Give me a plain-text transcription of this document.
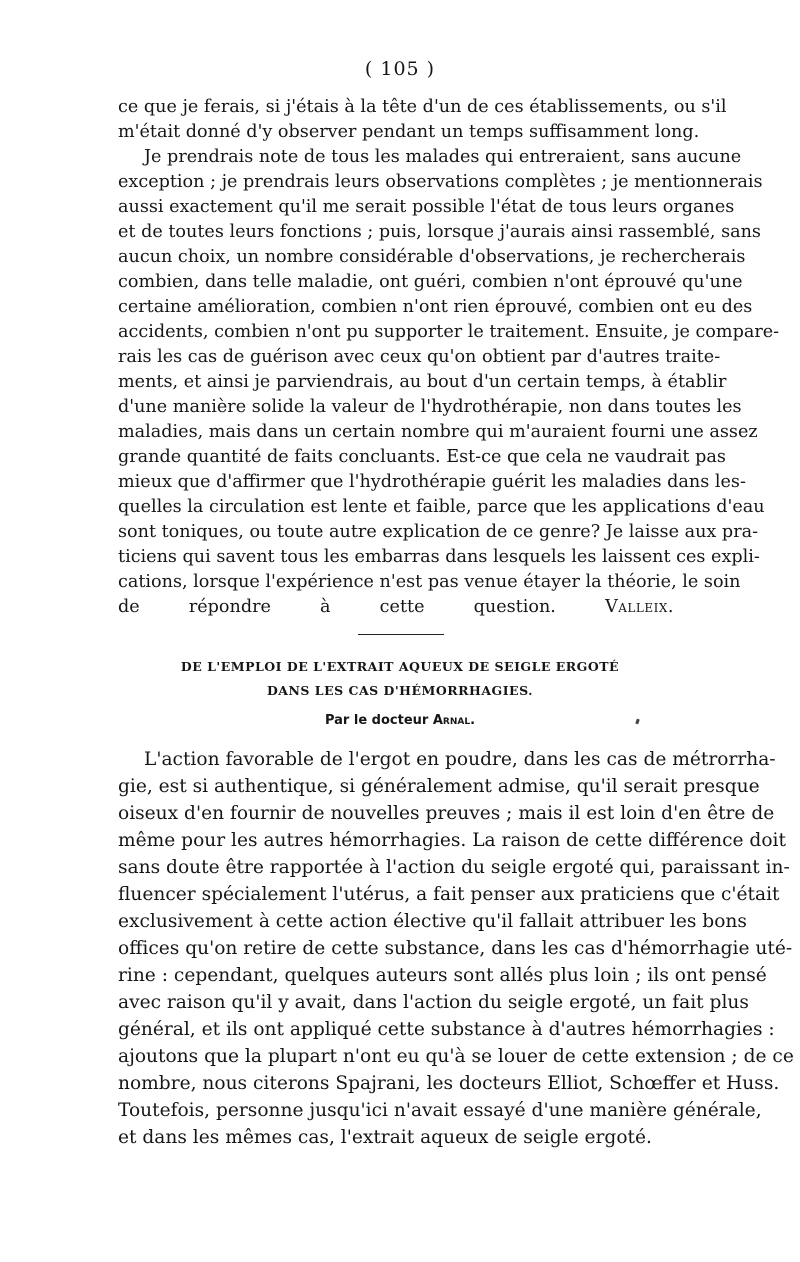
( 105 )
ce que je ferais, si j'étais à la tête d'un de ces établissements, ou s'il
m'était donné d'y observer pendant un temps suffisamment long.
Je prendrais note de tous les malades qui entreraient, sans aucune
exception ; je prendrais leurs observations complètes ; je mentionnerais
aussi exactement qu'il me serait possible l'état de tous leurs organes
et de toutes leurs fonctions ; puis, lorsque j'aurais ainsi rassemblé, sans
aucun choix, un nombre considérable d'observations, je rechercherais
combien, dans telle maladie, ont guéri, combien n'ont éprouvé qu'une
certaine amélioration, combien n'ont rien éprouvé, combien ont eu des
accidents, combien n'ont pu supporter le traitement. Ensuite, je compare-
rais les cas de guérison avec ceux qu'on obtient par d'autres traite-
ments, et ainsi je parviendrais, au bout d'un certain temps, à établir
d'une manière solide la valeur de l'hydrothérapie, non dans toutes les
maladies, mais dans un certain nombre qui m'auraient fourni une assez
grande quantité de faits concluants. Est-ce que cela ne vaudrait pas
mieux que d'affirmer que l'hydrothérapie guérit les maladies dans les-
quelles la circulation est lente et faible, parce que les applications d'eau
sont toniques, ou toute autre explication de ce genre? Je laisse aux pra-
ticiens qui savent tous les embarras dans lesquels les laissent ces expli-
cations, lorsque l'expérience n'est pas venue étayer la théorie, le soin
de répondre à cette question.	Valleix.
DE L'EMPLOI DE L'EXTRAIT AQUEUX DE SEIGLE ERGOTÉ
DANS LES CAS D'HÉMORRHAGIES.
Par le docteur Arnal.
L'action favorable de l'ergot en poudre, dans les cas de métrorrha-
gie, est si authentique, si généralement admise, qu'il serait presque
oiseux d'en fournir de nouvelles preuves ; mais il est loin d'en être de
même pour les autres hémorrhagies. La raison de cette différence doit
sans doute être rapportée à l'action du seigle ergoté qui, paraissant in-
fluencer spécialement l'utérus, a fait penser aux praticiens que c'était
exclusivement à cette action élective qu'il fallait attribuer les bons
offices qu'on retire de cette substance, dans les cas d'hémorrhagie uté-
rine : cependant, quelques auteurs sont allés plus loin ; ils ont pensé
avec raison qu'il y avait, dans l'action du seigle ergoté, un fait plus
général, et ils ont appliqué cette substance à d'autres hémorrhagies :
ajoutons que la plupart n'ont eu qu'à se louer de cette extension ; de ce
nombre, nous citerons Spajrani, les docteurs Elliot, Schœffer et Huss.
Toutefois, personne jusqu'ici n'avait essayé d'une manière générale,
et dans les mêmes cas, l'extrait aqueux de seigle ergoté.
